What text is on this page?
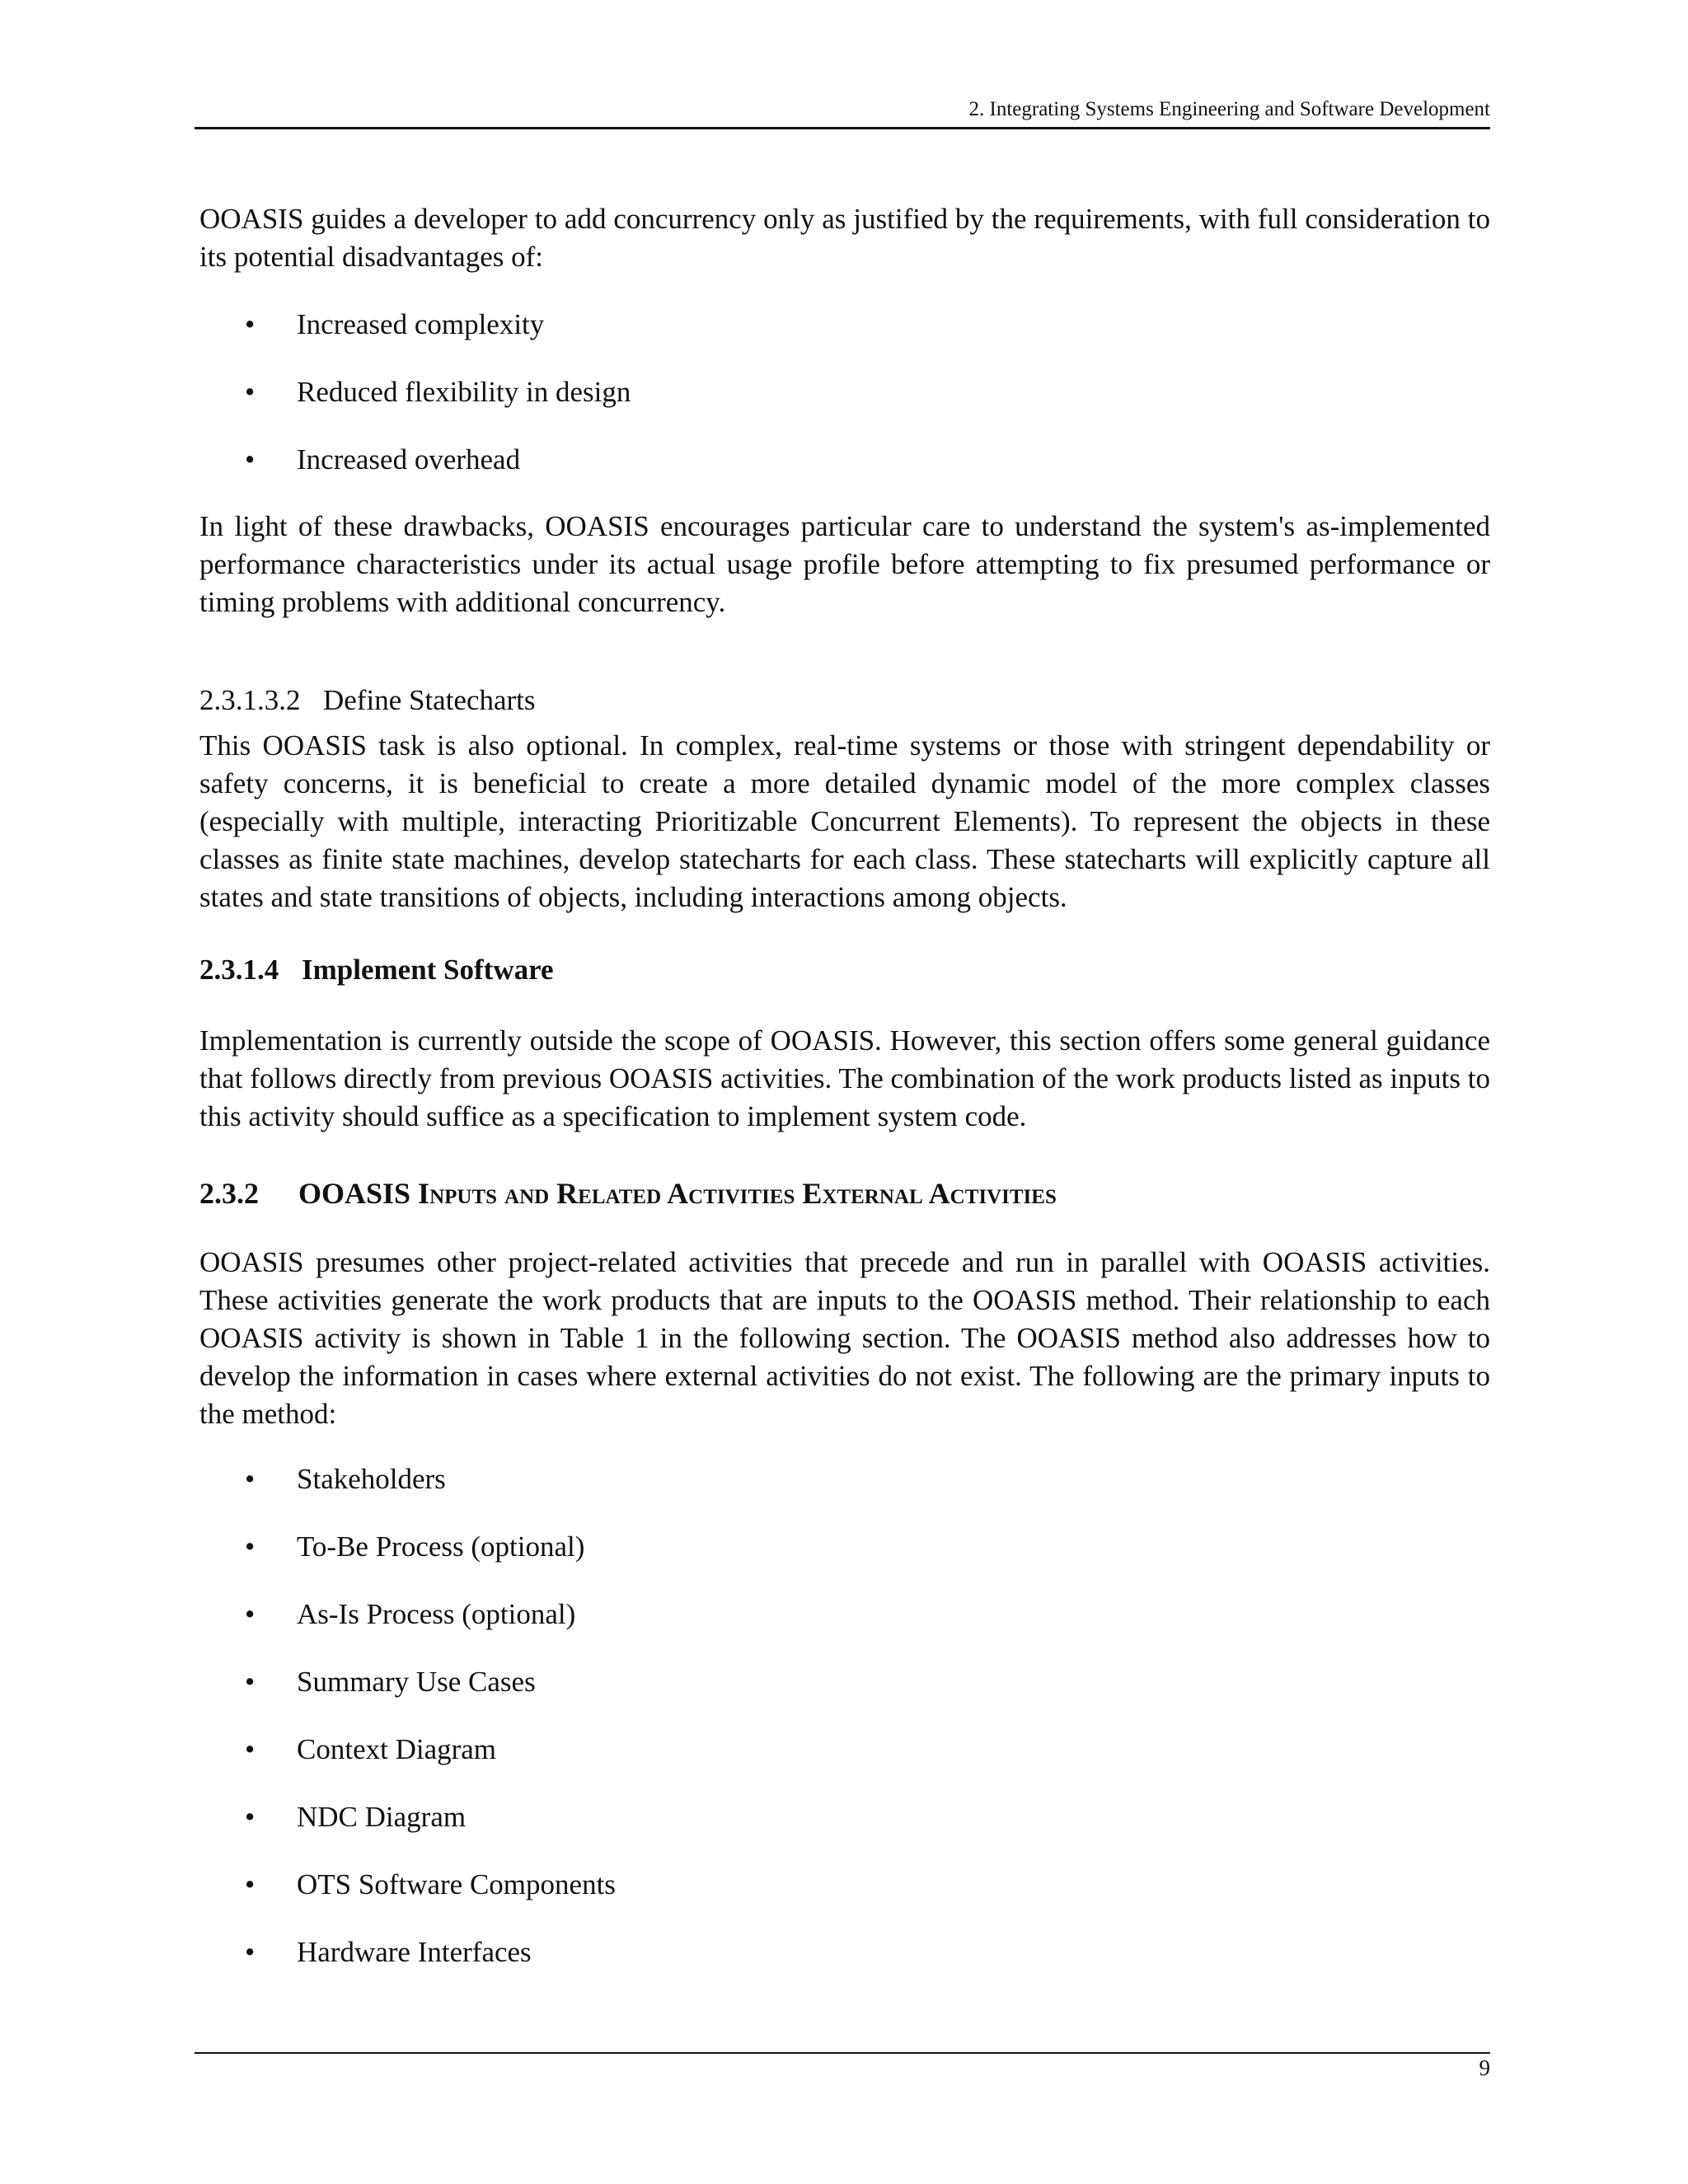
2. Integrating Systems Engineering and Software Development
OOASIS guides a developer to add concurrency only as justified by the requirements, with full consideration to its potential disadvantages of:
• Increased complexity
• Reduced flexibility in design
• Increased overhead
In light of these drawbacks, OOASIS encourages particular care to understand the system's as-implemented performance characteristics under its actual usage profile before attempting to fix presumed performance or timing problems with additional concurrency.
2.3.1.3.2 Define Statecharts
This OOASIS task is also optional. In complex, real-time systems or those with stringent dependability or safety concerns, it is beneficial to create a more detailed dynamic model of the more complex classes (especially with multiple, interacting Prioritizable Concurrent Elements). To represent the objects in these classes as finite state machines, develop statecharts for each class. These statecharts will explicitly capture all states and state transitions of objects, including interactions among objects.
2.3.1.4 Implement Software
Implementation is currently outside the scope of OOASIS. However, this section offers some general guidance that follows directly from previous OOASIS activities. The combination of the work products listed as inputs to this activity should suffice as a specification to implement system code.
2.3.2 OOASIS Inputs and Related Activities External Activities
OOASIS presumes other project-related activities that precede and run in parallel with OOASIS activities. These activities generate the work products that are inputs to the OOASIS method. Their relationship to each OOASIS activity is shown in Table 1 in the following section. The OOASIS method also addresses how to develop the information in cases where external activities do not exist. The following are the primary inputs to the method:
• Stakeholders
• To-Be Process (optional)
• As-Is Process (optional)
• Summary Use Cases
• Context Diagram
• NDC Diagram
• OTS Software Components
• Hardware Interfaces
9
